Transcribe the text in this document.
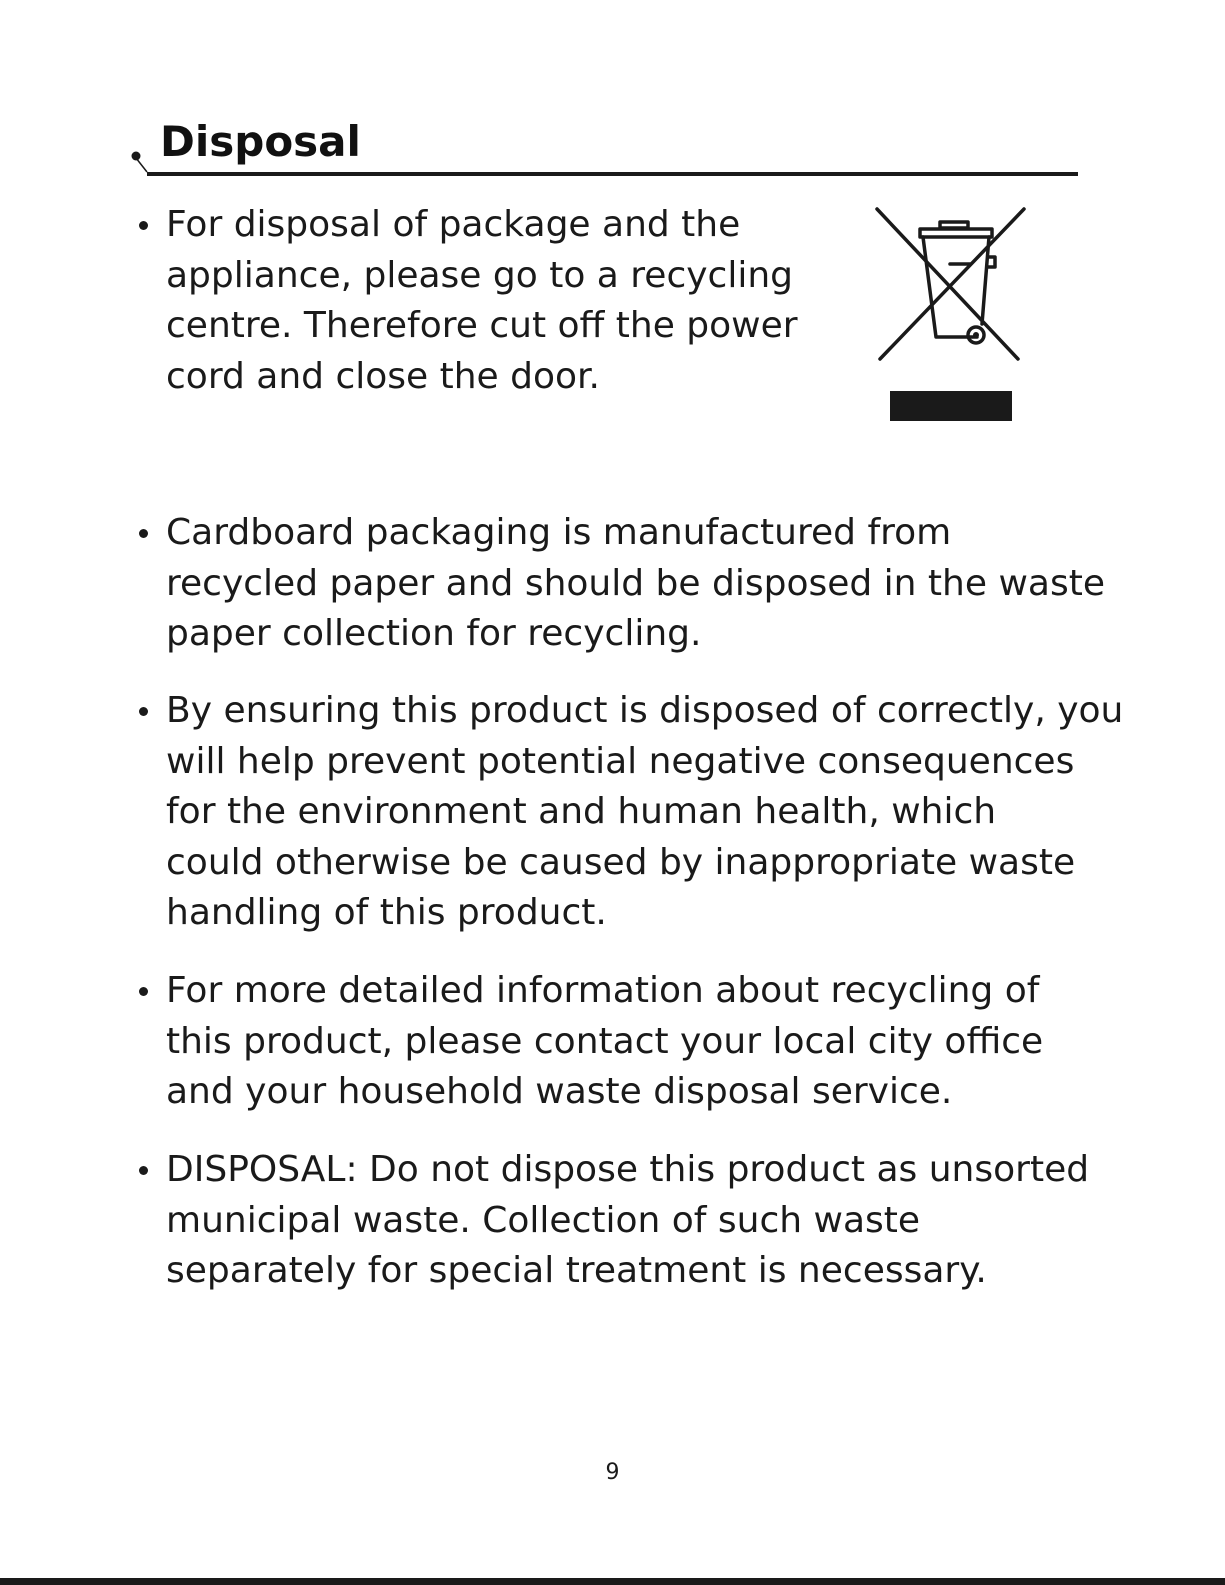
Disposal
For disposal of package and the
appliance, please go to a recycling
centre. Therefore cut off the power
cord and close the door.
Cardboard packaging is manufactured from
recycled paper and should be disposed in the waste
paper collection for recycling.
By ensuring this product is disposed of correctly, you
will help prevent potential negative consequences
for the environment and human health, which
could otherwise be caused by inappropriate waste
handling of this product.
For more detailed information about recycling of
this product, please contact your local city office
and your household waste disposal service.
DISPOSAL: Do not dispose this product as unsorted
municipal waste. Collection of such waste
separately for special treatment is necessary.
9
